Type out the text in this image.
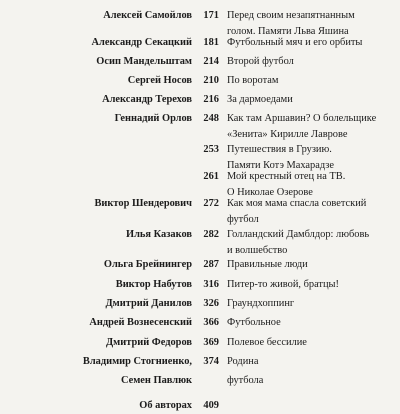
Алексей Самойлов	171 Перед своим незапятнанным
голом. Памяти Льва Яшина
Александр Секацкий	181 Футбольный мяч и его орбиты
Осип Мандельштам	214 Второй футбол
Сергей Носов	210 По воротам
Александр Терехов	216 За дармоедами
Геннадий Орлов	248 Как там Аршавин? О болельщике
«Зенита» Кирилле Лаврове
253 Путешествия в Грузию.
Памяти Котэ Махарадзе
261 Мой крестный отец на ТВ.
О Николае Озерове
Виктор Шендерович	272 Как моя мама спасла советский
футбол
Илья Казаков	282 Голландский Дамблдор: любовь
и волшебство
Ольга Брейнингер	287 Правильные люди
Виктор Набутов	316 Питер-то живой, братцы!
Дмитрий Данилов	326 Граундхоппинг
Андрей Вознесенский	366 Футбольное
Дмитрий Федоров	369 Полевое бессилие
Владимир Стогниенко,	374 Родина
Семен Павлюк	футбола
Об авторах	409
